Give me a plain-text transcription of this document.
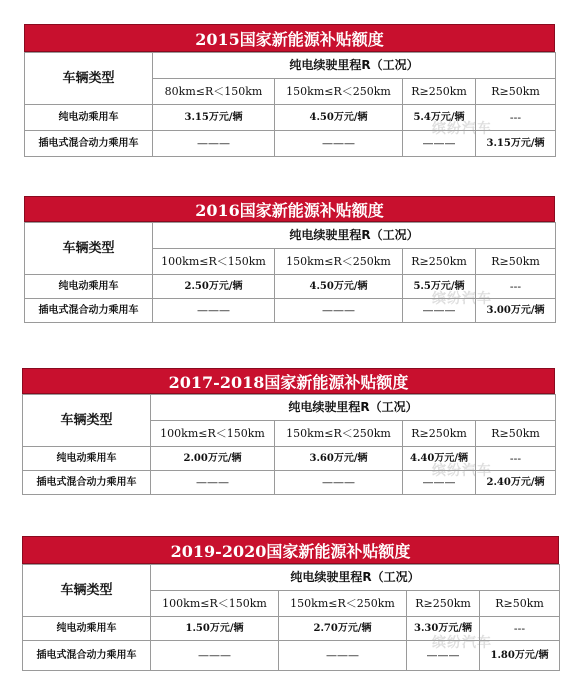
2015国家新能源补贴额度
车辆类型	纯电续驶里程R（工况）			
	80km≤R＜150km	150km≤R＜250km	R≥250km	R≥50km
纯电动乘用车	3.15万元/辆	4.50万元/辆	5.4万元/辆	---
插电式混合动力乘用车	———	———	———	3.15万元/辆
2016国家新能源补贴额度
车辆类型	纯电续驶里程R（工况）			
	100km≤R＜150km	150km≤R＜250km	R≥250km	R≥50km
纯电动乘用车	2.50万元/辆	4.50万元/辆	5.5万元/辆	---
插电式混合动力乘用车	———	———	———	3.00万元/辆
2017-2018国家新能源补贴额度
车辆类型	纯电续驶里程R（工况）			
	100km≤R＜150km	150km≤R＜250km	R≥250km	R≥50km
纯电动乘用车	2.00万元/辆	3.60万元/辆	4.40万元/辆	---
插电式混合动力乘用车	———	———	———	2.40万元/辆
2019-2020国家新能源补贴额度
车辆类型	纯电续驶里程R（工况）			
	100km≤R＜150km	150km≤R＜250km	R≥250km	R≥50km
纯电动乘用车	1.50万元/辆	2.70万元/辆	3.30万元/辆	---
插电式混合动力乘用车	———	———	———	1.80万元/辆
缤纷汽车
缤纷汽车
缤纷汽车
缤纷汽车
